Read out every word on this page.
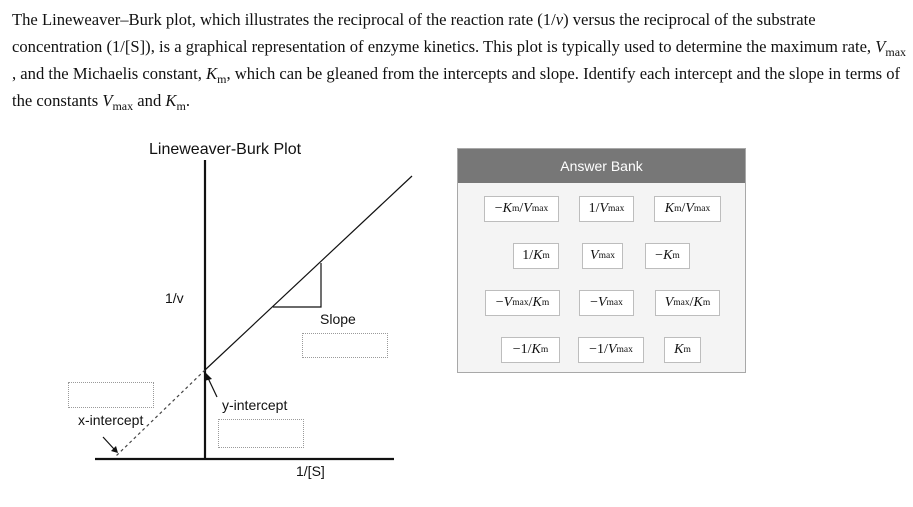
The Lineweaver–Burk plot, which illustrates the reciprocal of the reaction rate (1/v) versus the reciprocal of the substrate concentration (1/[S]), is a graphical representation of enzyme kinetics. This plot is typically used to determine the maximum rate, $V_{max}$ , and the Michaelis constant, $K_m$, which can be gleaned from the intercepts and slope. Identify each intercept and the slope in terms of the constants $V_{max}$ and $K_m$.
Lineweaver-Burk Plot
1/v
1/[S]
Slope
y-intercept
x-intercept
Answer Bank
− K m / V max	1 / V max	K m / V max
1 / K m	V max	− K m
− V max / K m	− V max	V max / K m
− 1 / K m	− 1 / V max	K m
